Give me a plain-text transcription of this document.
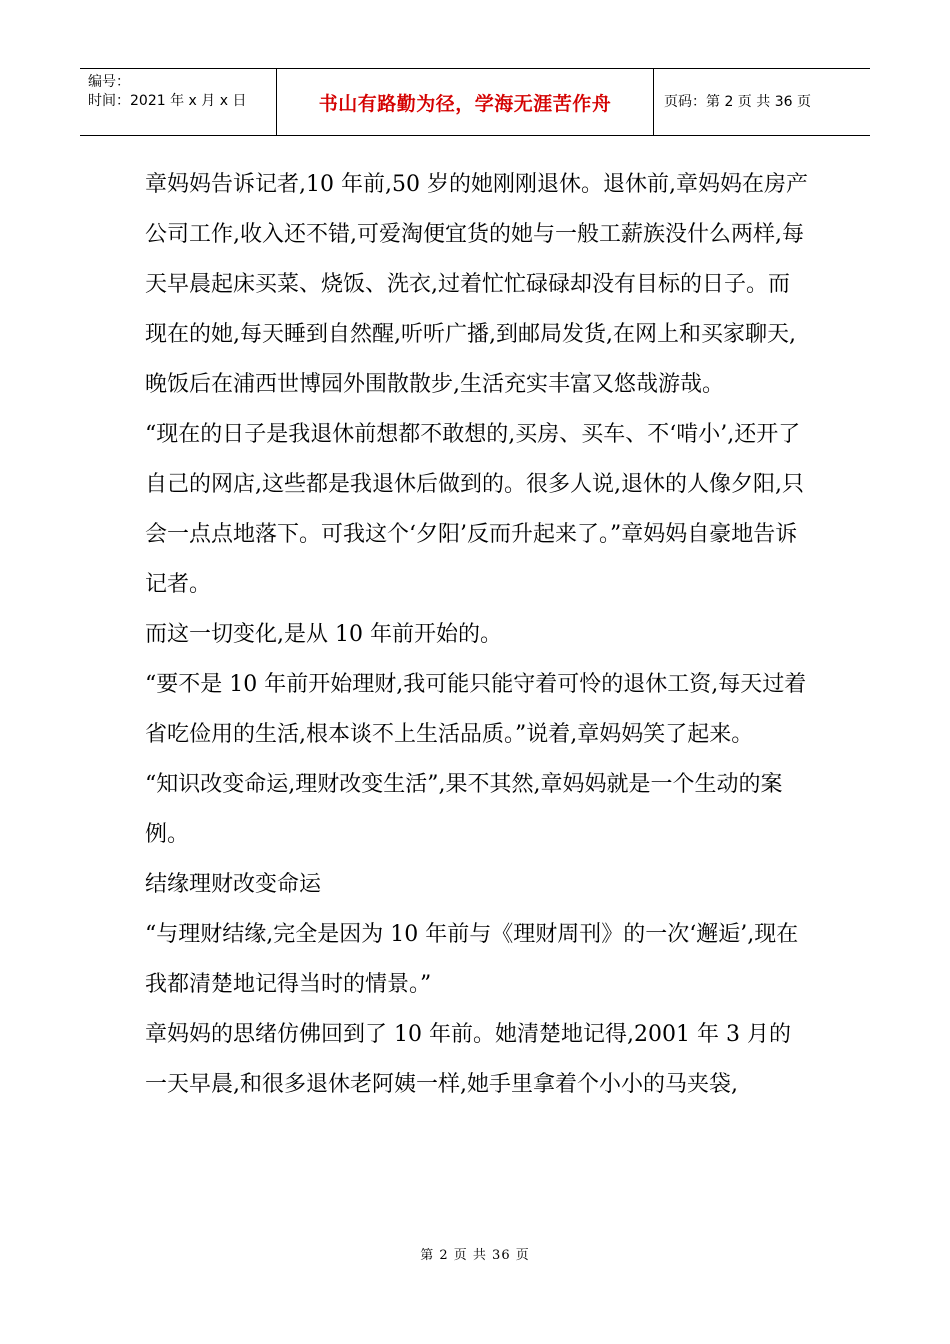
编号：
时间：2021 年 x 月 x 日	书山有路勤为径，学海无涯苦作舟	页码：第 2 页 共 36 页

章妈妈告诉记者,10 年前,50 岁的她刚刚退休。退休前,章妈妈在房产公司工作,收入还不错,可爱淘便宜货的她与一般工薪族没什么两样,每天早晨起床买菜、烧饭、洗衣,过着忙忙碌碌却没有目标的日子。而现在的她,每天睡到自然醒,听听广播,到邮局发货,在网上和买家聊天,晚饭后在浦西世博园外围散散步,生活充实丰富又悠哉游哉。

“现在的日子是我退休前想都不敢想的,买房、买车、不‘啃小’,还开了自己的网店,这些都是我退休后做到的。很多人说,退休的人像夕阳,只会一点点地落下。可我这个‘夕阳’反而升起来了。”章妈妈自豪地告诉记者。

而这一切变化,是从 10 年前开始的。

“要不是 10 年前开始理财,我可能只能守着可怜的退休工资,每天过着省吃俭用的生活,根本谈不上生活品质。”说着,章妈妈笑了起来。

“知识改变命运,理财改变生活”,果不其然,章妈妈就是一个生动的案例。

结缘理财改变命运

“与理财结缘,完全是因为 10 年前与《理财周刊》的一次‘邂逅’,现在我都清楚地记得当时的情景。”

章妈妈的思绪仿佛回到了 10 年前。她清楚地记得,2001 年 3 月的一天早晨,和很多退休老阿姨一样,她手里拿着个小小的马夹袋,

第 2 页 共 36 页
